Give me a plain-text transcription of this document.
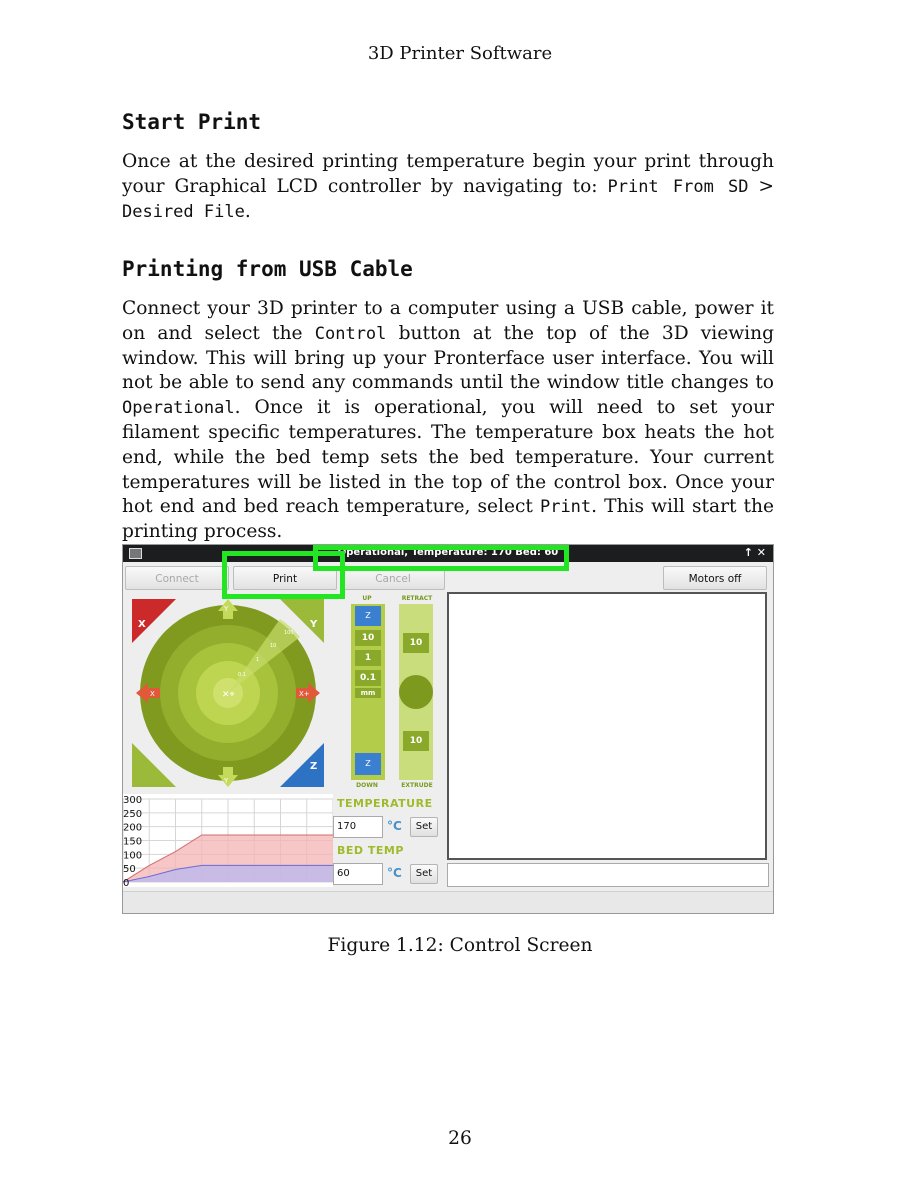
3D Printer Software
Start Print

Once at the desired printing temperature begin your print through your Graphical LCD controller by navigating to: Print From SD > Desired File.

Printing from USB Cable

Connect your 3D printer to a computer using a USB cable, power it on and select the Control button at the top of the 3D viewing window. This will bring up your Pronterface user interface. You will not be able to send any commands until the window title changes to Operational. Once it is operational, you will need to set your filament specific temperatures. The temperature box heats the hot end, while the bed temp sets the bed temperature. Your current temperatures will be listed in the top of the control box. Once your hot end and bed reach temperature, select Print. This will start the printing process.

Operational, Temperature: 170 Bed: 60	↑ ✕
Connect	Print	Cancel	Motors off
✕⌖
X	Y
Z
Y
Y
X	X+
0.1
1
10
100
UP	RETRACT
Z
10
1
0.1
mm
Z
10
10
DOWN	EXTRUDE
300
250
200
150
100
50
0
TEMPERATURE
170	°C	Set
BED TEMP
60	°C	Set
Figure 1.12: Control Screen
26
